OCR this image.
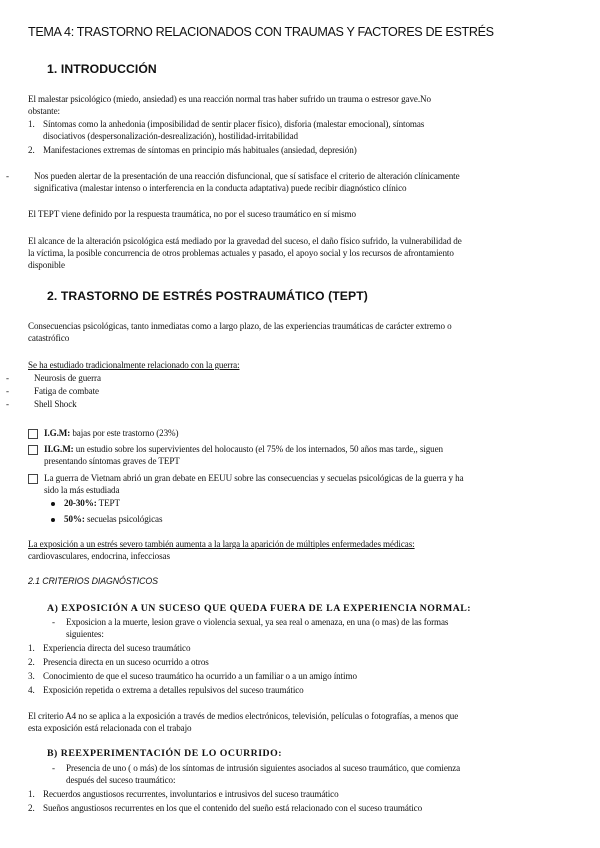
TEMA 4: TRASTORNO RELACIONADOS CON TRAUMAS Y FACTORES DE ESTRÉS
1. INTRODUCCIÓN
El malestar psicológico (miedo, ansiedad) es una reacción normal tras haber sufrido un trauma o estresor gave.No
obstante:
1. Síntomas como la anhedonia (imposibilidad de sentir placer físico), disforia (malestar emocional), síntomas
disociativos (despersonalización-desrealización), hostilidad-irritabilidad
2. Manifestaciones extremas de síntomas en principio más habituales (ansiedad, depresión)
-	Nos pueden alertar de la presentación de una reacción disfuncional, que sí satisface el criterio de alteración clínicamente
significativa (malestar intenso o interferencia en la conducta adaptativa) puede recibir diagnóstico clínico
El TEPT viene definido por la respuesta traumática, no por el suceso traumático en sí mismo
El alcance de la alteración psicológica está mediado por la gravedad del suceso, el daño físico sufrido, la vulnerabilidad de
la víctima, la posible concurrencia de otros problemas actuales y pasado, el apoyo social y los recursos de afrontamiento
disponible
2. TRASTORNO DE ESTRÉS POSTRAUMÁTICO (TEPT)
Consecuencias psicológicas, tanto inmediatas como a largo plazo, de las experiencias traumáticas de carácter extremo o
catastrófico
Se ha estudiado tradicionalmente relacionado con la guerra:
-	Neurosis de guerra
-	Fatiga de combate
-	Shell Shock
I.G.M: bajas por este trastorno (23%)
II.G.M: un estudio sobre los supervivientes del holocausto (el 75% de los internados, 50 años mas tarde,, siguen
presentando síntomas graves de TEPT
La guerra de Vietnam abrió un gran debate en EEUU sobre las consecuencias y secuelas psicológicas de la guerra y ha
sido la más estudiada
20-30%: TEPT
50%: secuelas psicológicas
La exposición a un estrés severo también aumenta a la larga la aparición de múltiples enfermedades médicas:
cardiovasculares, endocrina, infecciosas
2.1 CRITERIOS DIAGNÓSTICOS
A) EXPOSICIÓN A UN SUCESO QUE QUEDA FUERA DE LA EXPERIENCIA NORMAL:
- Exposicion a la muerte, lesion grave o violencia sexual, ya sea real o amenaza, en una (o mas) de las formas
siguientes:
1. Experiencia directa del suceso traumático
2. Presencia directa en un suceso ocurrido a otros
3. Conocimiento de que el suceso traumático ha ocurrido a un familiar o a un amigo íntimo
4. Exposición repetida o extrema a detalles repulsivos del suceso traumático
El criterio A4 no se aplica a la exposición a través de medios electrónicos, televisión, películas o fotografías, a menos que
esta exposición está relacionada con el trabajo
B) REEXPERIMENTACIÓN DE LO OCURRIDO:
- Presencia de uno ( o más) de los síntomas de intrusión siguientes asociados al suceso traumático, que comienza
después del suceso traumático:
1. Recuerdos angustiosos recurrentes, involuntarios e intrusivos del suceso traumático
2. Sueños angustiosos recurrentes en los que el contenido del sueño está relacionado con el suceso traumático
